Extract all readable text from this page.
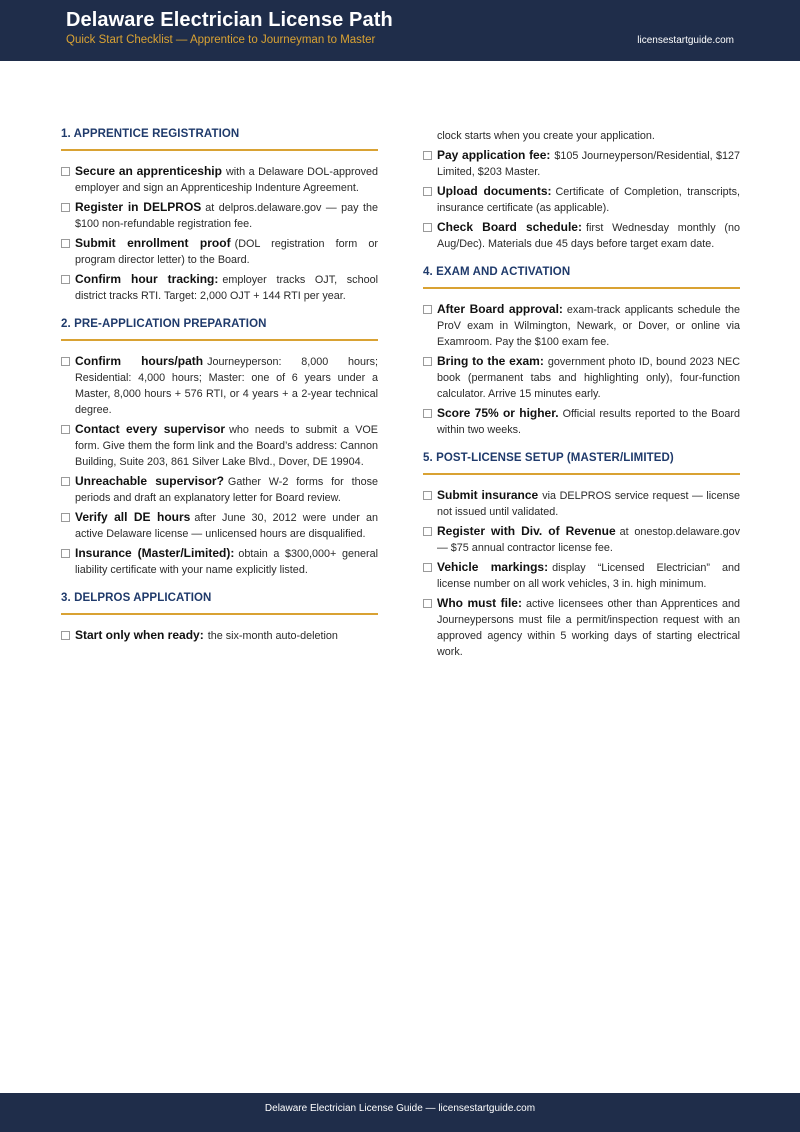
Delaware Electrician License Path
Quick Start Checklist — Apprentice to Journeyman to Master	licensestartguide.com
1. APPRENTICE REGISTRATION
Secure an apprenticeship with a Delaware DOL-approved employer and sign an Apprenticeship Indenture Agreement.
Register in DELPROS at delpros.delaware.gov — pay the $100 non-refundable registration fee.
Submit enrollment proof (DOL registration form or program director letter) to the Board.
Confirm hour tracking: employer tracks OJT, school district tracks RTI. Target: 2,000 OJT + 144 RTI per year.
2. PRE-APPLICATION PREPARATION
Confirm hours/path Journeyperson: 8,000 hours; Residential: 4,000 hours; Master: one of 6 years under a Master, 8,000 hours + 576 RTI, or 4 years + a 2-year technical degree.
Contact every supervisor who needs to submit a VOE form. Give them the form link and the Board’s address: Cannon Building, Suite 203, 861 Silver Lake Blvd., Dover, DE 19904.
Unreachable supervisor? Gather W-2 forms for those periods and draft an explanatory letter for Board review.
Verify all DE hours after June 30, 2012 were under an active Delaware license — unlicensed hours are disqualified.
Insurance (Master/Limited): obtain a $300,000+ general liability certificate with your name explicitly listed.
3. DELPROS APPLICATION
Start only when ready: the six-month auto-deletion
clock starts when you create your application.
Pay application fee: $105 Journeyperson/Residential, $127 Limited, $203 Master.
Upload documents: Certificate of Completion, transcripts, insurance certificate (as applicable).
Check Board schedule: first Wednesday monthly (no Aug/Dec). Materials due 45 days before target exam date.
4. EXAM AND ACTIVATION
After Board approval: exam-track applicants schedule the ProV exam in Wilmington, Newark, or Dover, or online via Examroom. Pay the $100 exam fee.
Bring to the exam: government photo ID, bound 2023 NEC book (permanent tabs and highlighting only), four-function calculator. Arrive 15 minutes early.
Score 75% or higher. Official results reported to the Board within two weeks.
5. POST-LICENSE SETUP (MASTER/LIMITED)
Submit insurance via DELPROS service request — license not issued until validated.
Register with Div. of Revenue at onestop.delaware.gov — $75 annual contractor license fee.
Vehicle markings: display “Licensed Electrician” and license number on all work vehicles, 3 in. high minimum.
Who must file: active licensees other than Apprentices and Journeypersons must file a permit/inspection request with an approved agency within 5 working days of starting electrical work.
Delaware Electrician License Guide — licensestartguide.com
